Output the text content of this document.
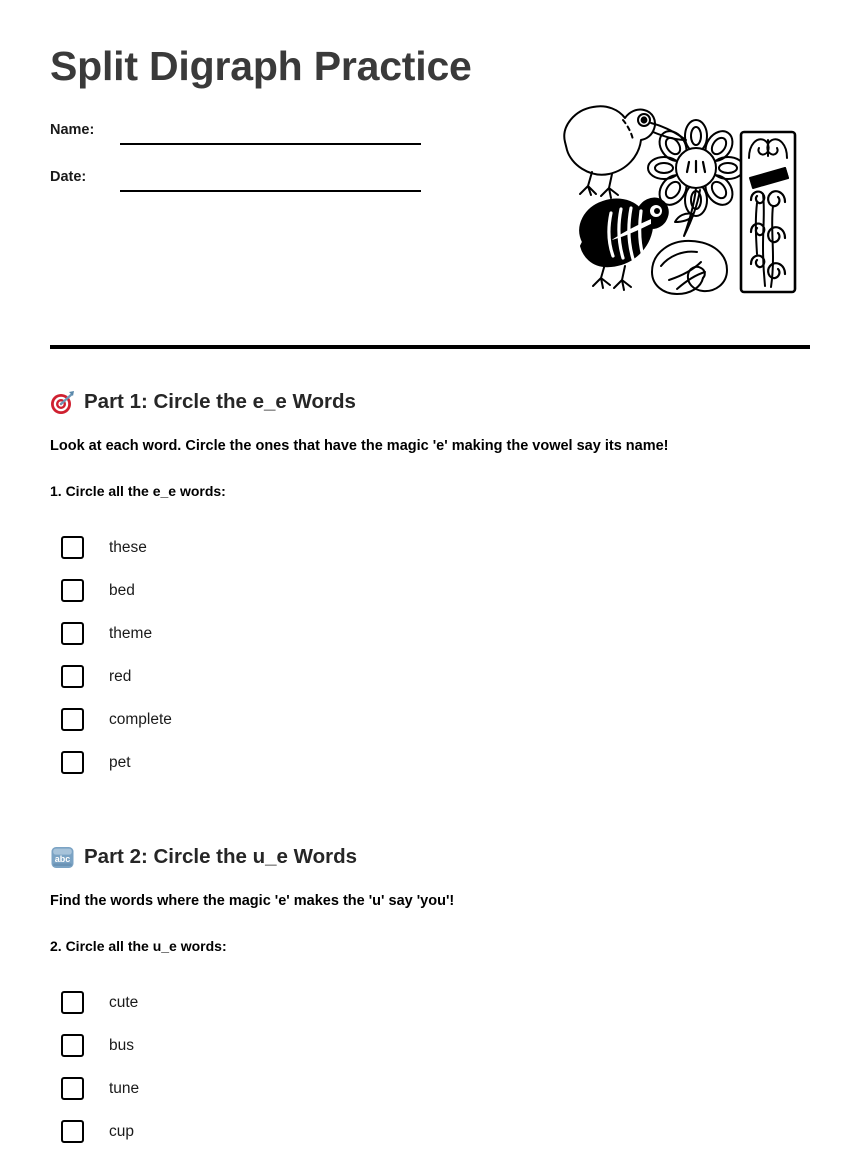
Split Digraph Practice
Name:
Date:
Part 1: Circle the e_e Words

Look at each word. Circle the ones that have the magic 'e' making the vowel say its name!

1. Circle all the e_e words:

these
bed
theme
red
complete
pet
abc Part 2: Circle the u_e Words

Find the words where the magic 'e' makes the 'u' say 'you'!

2. Circle all the u_e words:

cute
bus
tune
cup
